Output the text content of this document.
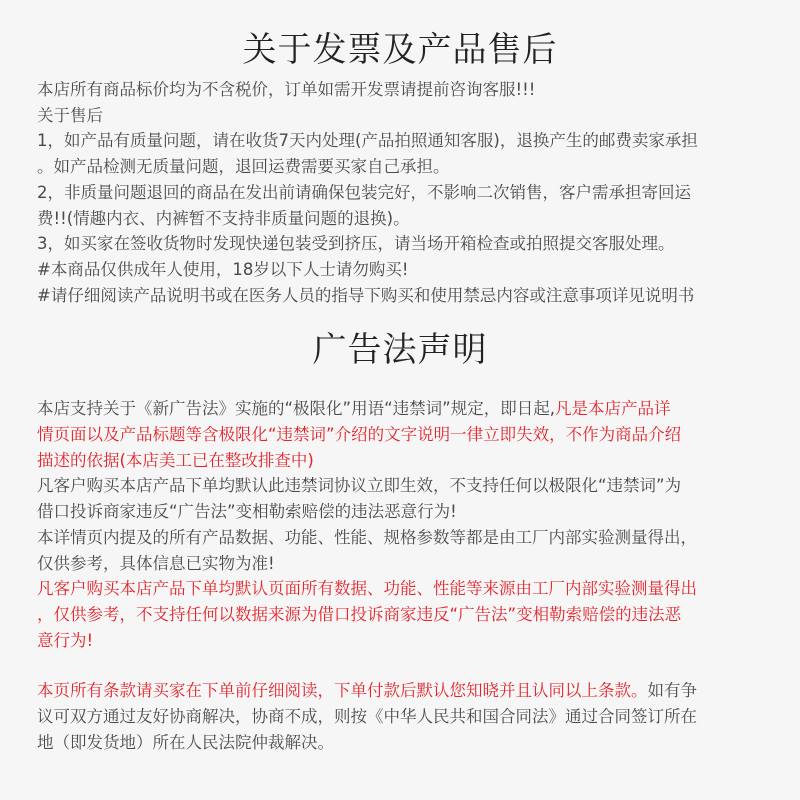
关于发票及产品售后
本店所有商品标价均为不含税价，订单如需开发票请提前咨询客服!!!
关于售后
1，如产品有质量问题，请在收货7天内处理(产品拍照通知客服)，退换产生的邮费卖家承担
。如产品检测无质量问题，退回运费需要买家自己承担。
2，非质量问题退回的商品在发出前请确保包装完好，不影响二次销售，客户需承担寄回运
费!!(情趣内衣、内裤暂不支持非质量问题的退换)。
3，如买家在签收货物时发现快递包装受到挤压，请当场开箱检查或拍照提交客服处理。
#本商品仅供成年人使用，18岁以下人士请勿购买!
#请仔细阅读产品说明书或在医务人员的指导下购买和使用禁忌内容或注意事项详见说明书
广告法声明
本店支持关于《新广告法》实施的“极限化”用语“违禁词”规定，即日起,凡是本店产品详
情页面以及产品标题等含极限化“违禁词”介绍的文字说明一律立即失效，不作为商品介绍
描述的依据(本店美工已在整改排查中)
凡客户购买本店产品下单均默认此违禁词协议立即生效，不支持任何以极限化“违禁词”为
借口投诉商家违反“广告法”变相勒索赔偿的违法恶意行为!
本详情页内提及的所有产品数据、功能、性能、规格参数等都是由工厂内部实验测量得出，
仅供参考，具体信息已实物为准!
凡客户购买本店产品下单均默认页面所有数据、功能、性能等来源由工厂内部实验测量得出
，仅供参考，不支持任何以数据来源为借口投诉商家违反“广告法”变相勒索赔偿的违法恶
意行为!
本页所有条款请买家在下单前仔细阅读，下单付款后默认您知晓并且认同以上条款。如有争
议可双方通过友好协商解决，协商不成，则按《中华人民共和国合同法》通过合同签订所在
地（即发货地）所在人民法院仲裁解决。
